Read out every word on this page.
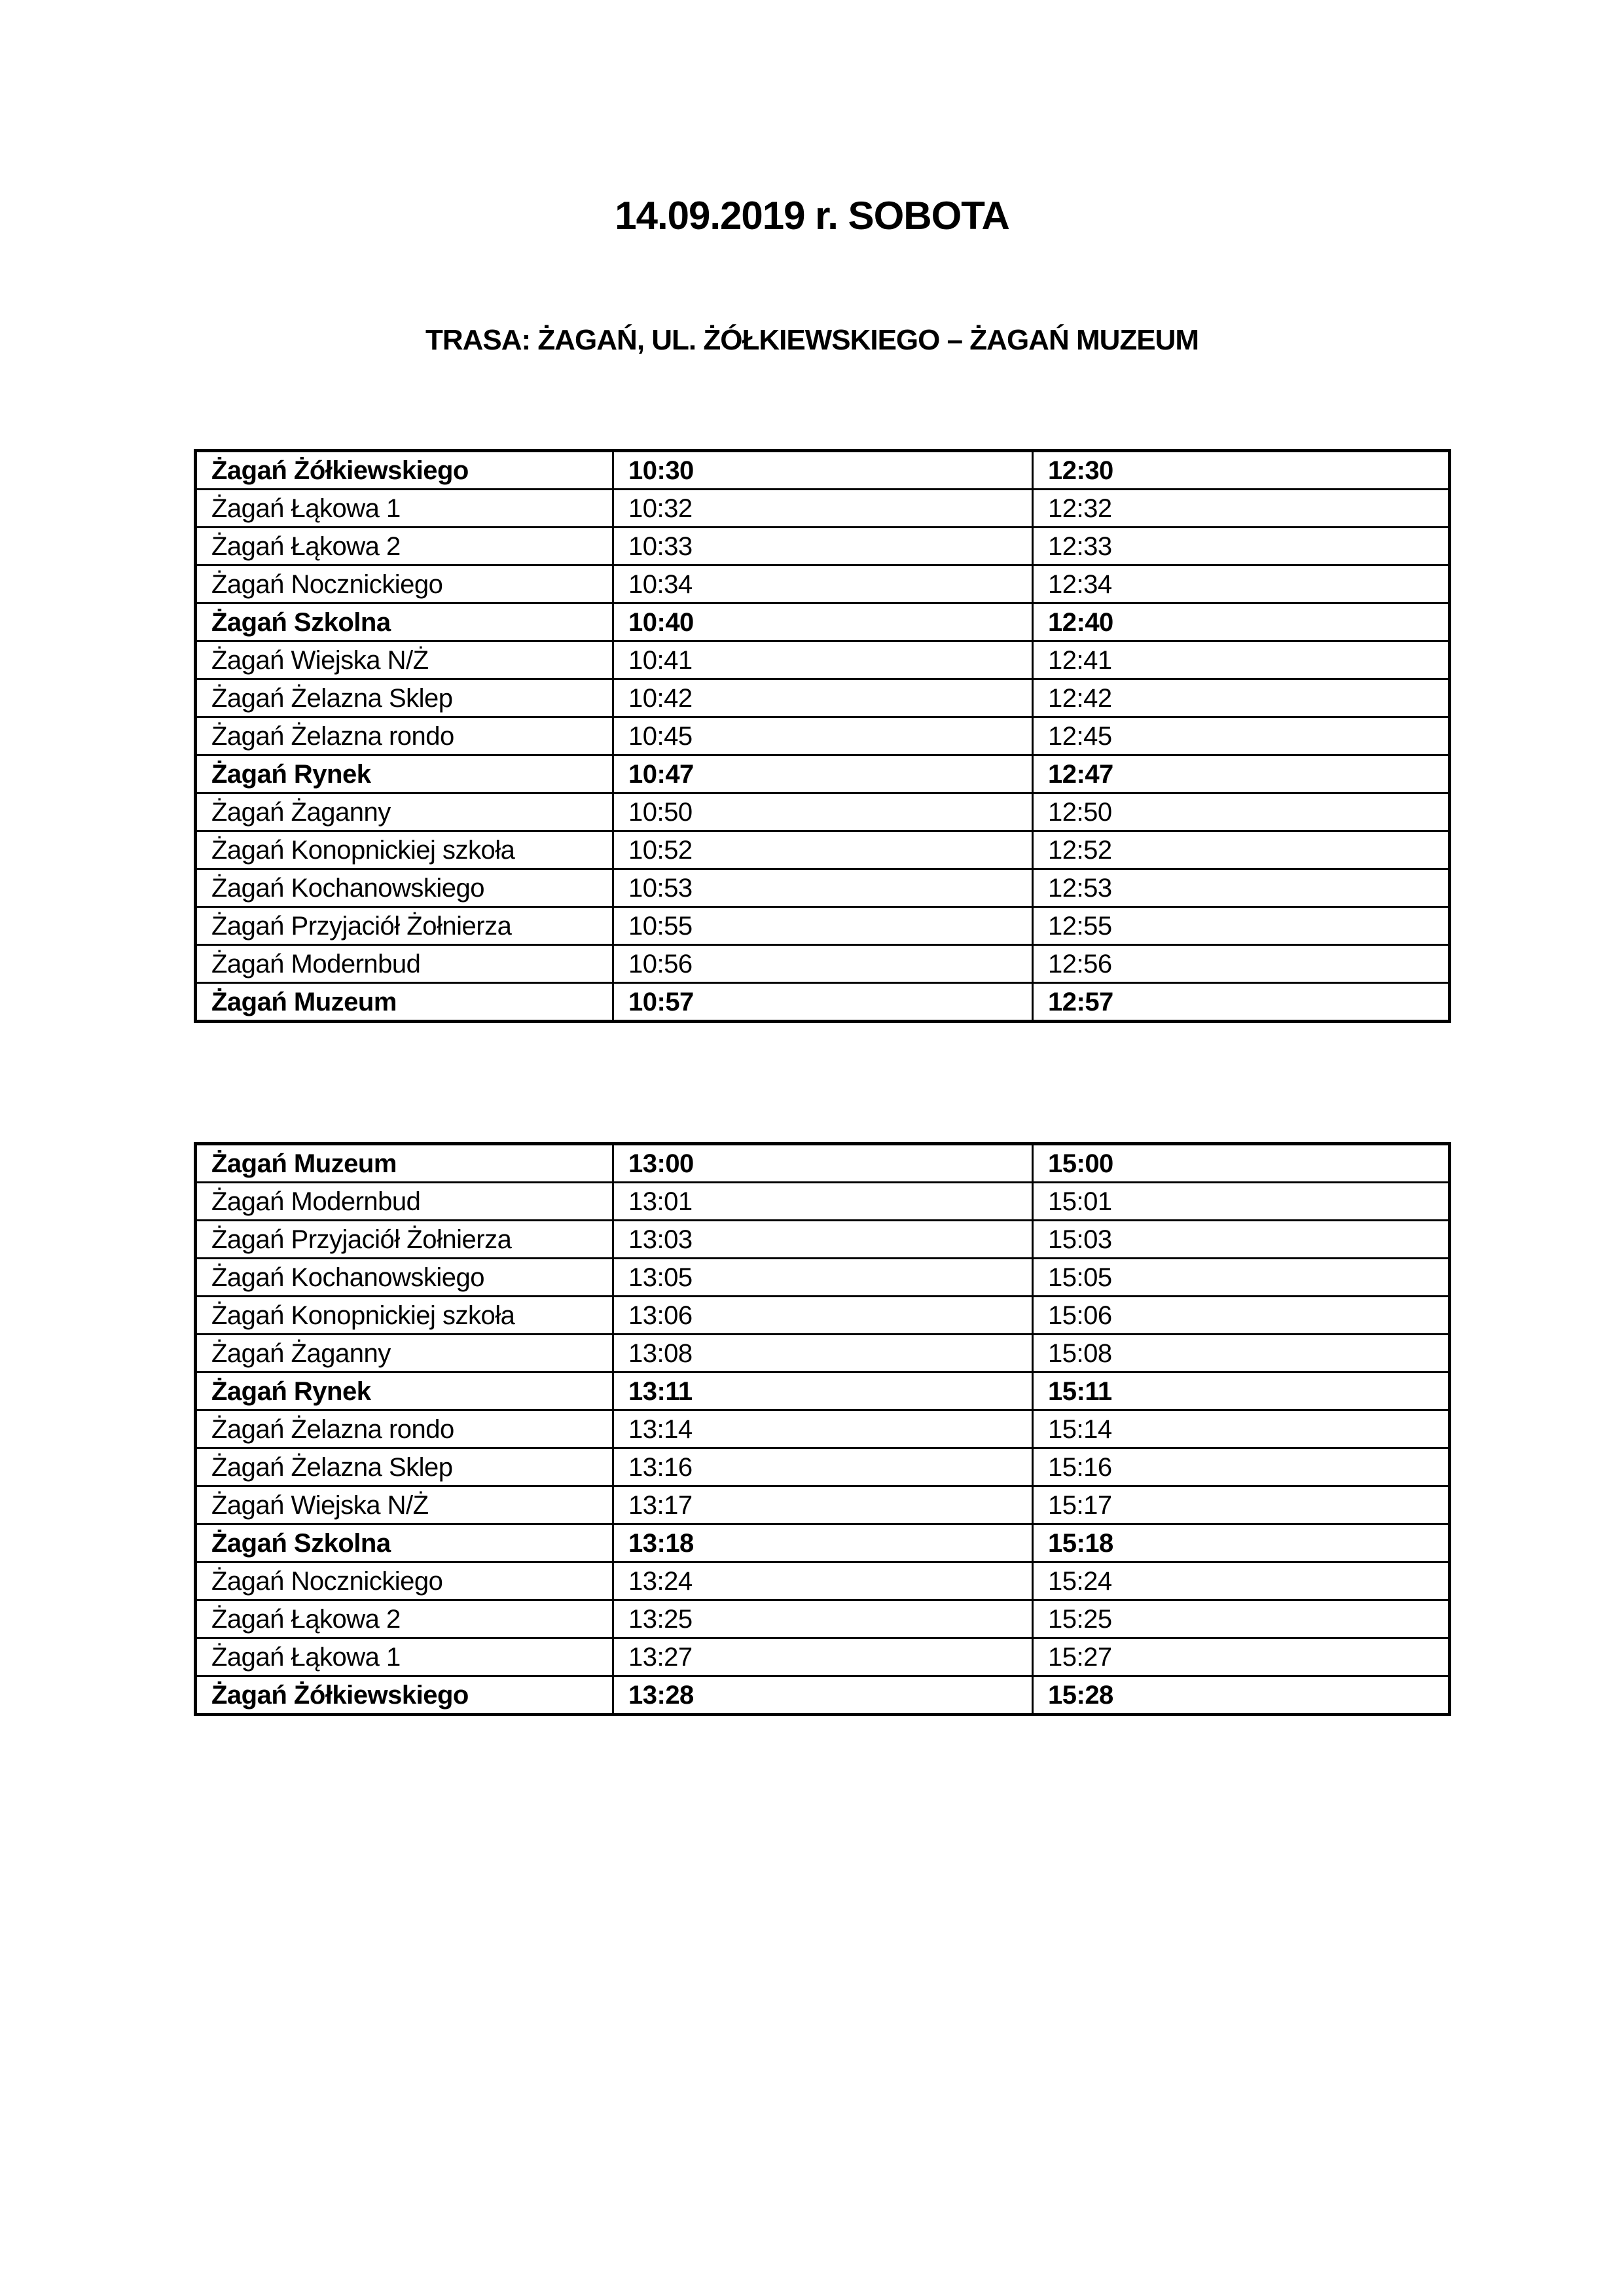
14.09.2019 r. SOBOTA
TRASA: ŻAGAŃ, UL. ŻÓŁKIEWSKIEGO – ŻAGAŃ MUZEUM
Żagań Żółkiewskiego	10:30	12:30
Żagań Łąkowa 1	10:32	12:32
Żagań Łąkowa 2	10:33	12:33
Żagań Nocznickiego	10:34	12:34
Żagań Szkolna	10:40	12:40
Żagań Wiejska N/Ż	10:41	12:41
Żagań Żelazna Sklep	10:42	12:42
Żagań Żelazna rondo	10:45	12:45
Żagań Rynek	10:47	12:47
Żagań Żaganny	10:50	12:50
Żagań Konopnickiej szkoła	10:52	12:52
Żagań Kochanowskiego	10:53	12:53
Żagań Przyjaciół Żołnierza	10:55	12:55
Żagań Modernbud	10:56	12:56
Żagań Muzeum	10:57	12:57
Żagań Muzeum	13:00	15:00
Żagań Modernbud	13:01	15:01
Żagań Przyjaciół Żołnierza	13:03	15:03
Żagań Kochanowskiego	13:05	15:05
Żagań Konopnickiej szkoła	13:06	15:06
Żagań Żaganny	13:08	15:08
Żagań Rynek	13:11	15:11
Żagań Żelazna rondo	13:14	15:14
Żagań Żelazna Sklep	13:16	15:16
Żagań Wiejska N/Ż	13:17	15:17
Żagań Szkolna	13:18	15:18
Żagań Nocznickiego	13:24	15:24
Żagań Łąkowa 2	13:25	15:25
Żagań Łąkowa 1	13:27	15:27
Żagań Żółkiewskiego	13:28	15:28
